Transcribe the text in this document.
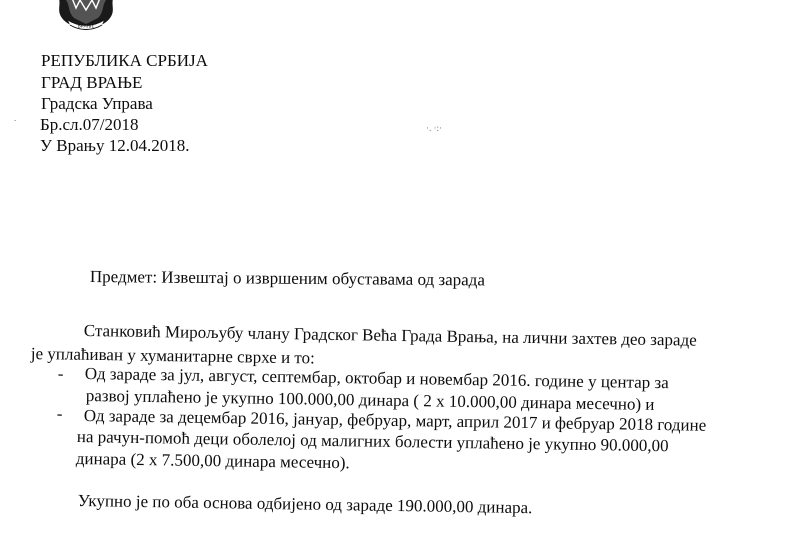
ВРАЊЕ
РЕПУБЛИКА СРБИЈА
ГРАД ВРАЊЕ
Градска Управа
Бр.сл.07/2018
У Врању 12.04.2018.
·. ·:·
.
Предмет: Извештај о извршеним обуставама од зарада
Станковић Мирољубу члану Градског Већа Града Врања, на лични захтев део зараде
је уплаћиван у хуманитарне сврхе и то:
- Од зараде за јул, август, септембар, октобар и новембар 2016. године у центар за
развој уплаћено је укупно 100.000,00 динара ( 2 х 10.000,00 динара месечно) и
- Од зараде за децембар 2016, јануар, фебруар, март, април 2017 и фебруар 2018 године
на рачун-помоћ деци оболелој од малигних болести уплаћено је укупно 90.000,00
динара (2 х 7.500,00 динара месечно).
Укупно је по оба основа одбијено од зараде 190.000,00 динара.
